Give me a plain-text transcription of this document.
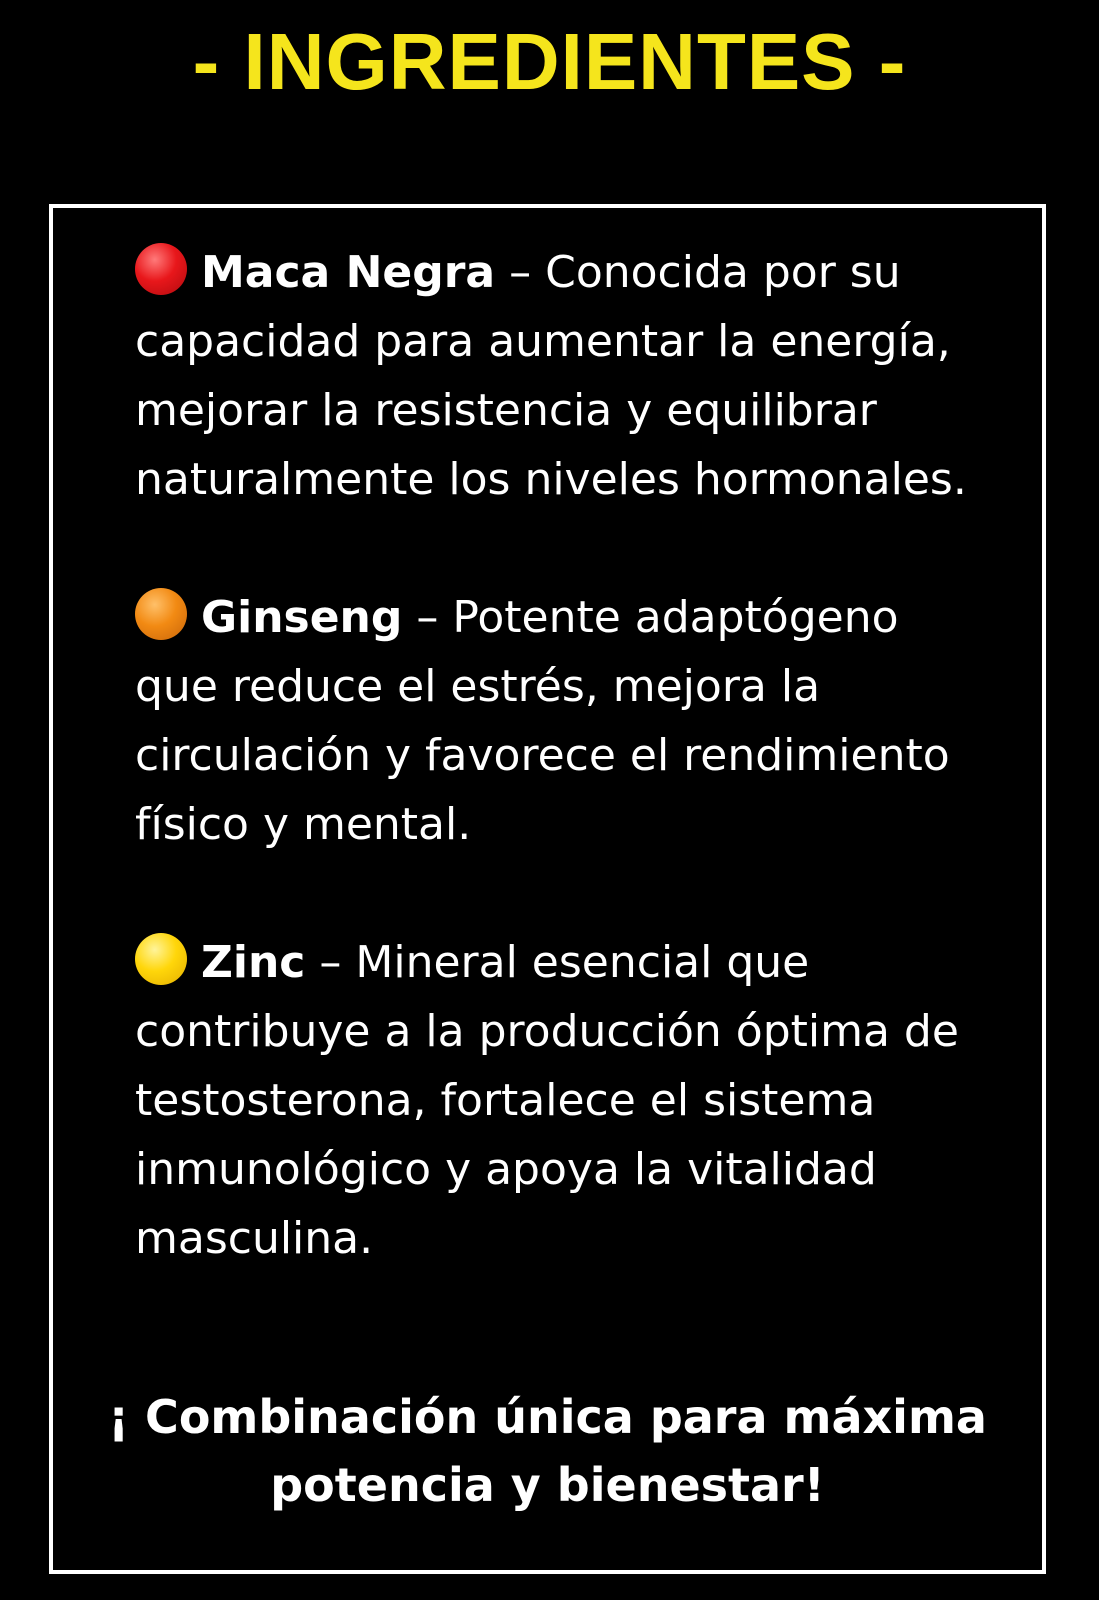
- INGREDIENTES -

Maca Negra – Conocida por su capacidad para aumentar la energía, mejorar la resistencia y equilibrar naturalmente los niveles hormonales.

Ginseng – Potente adaptógeno que reduce el estrés, mejora la circulación y favorece el rendimiento físico y mental.

Zinc – Mineral esencial que contribuye a la producción óptima de testosterona, fortalece el sistema inmunológico y apoya la vitalidad masculina.

¡ Combinación única para máxima
potencia y bienestar!
